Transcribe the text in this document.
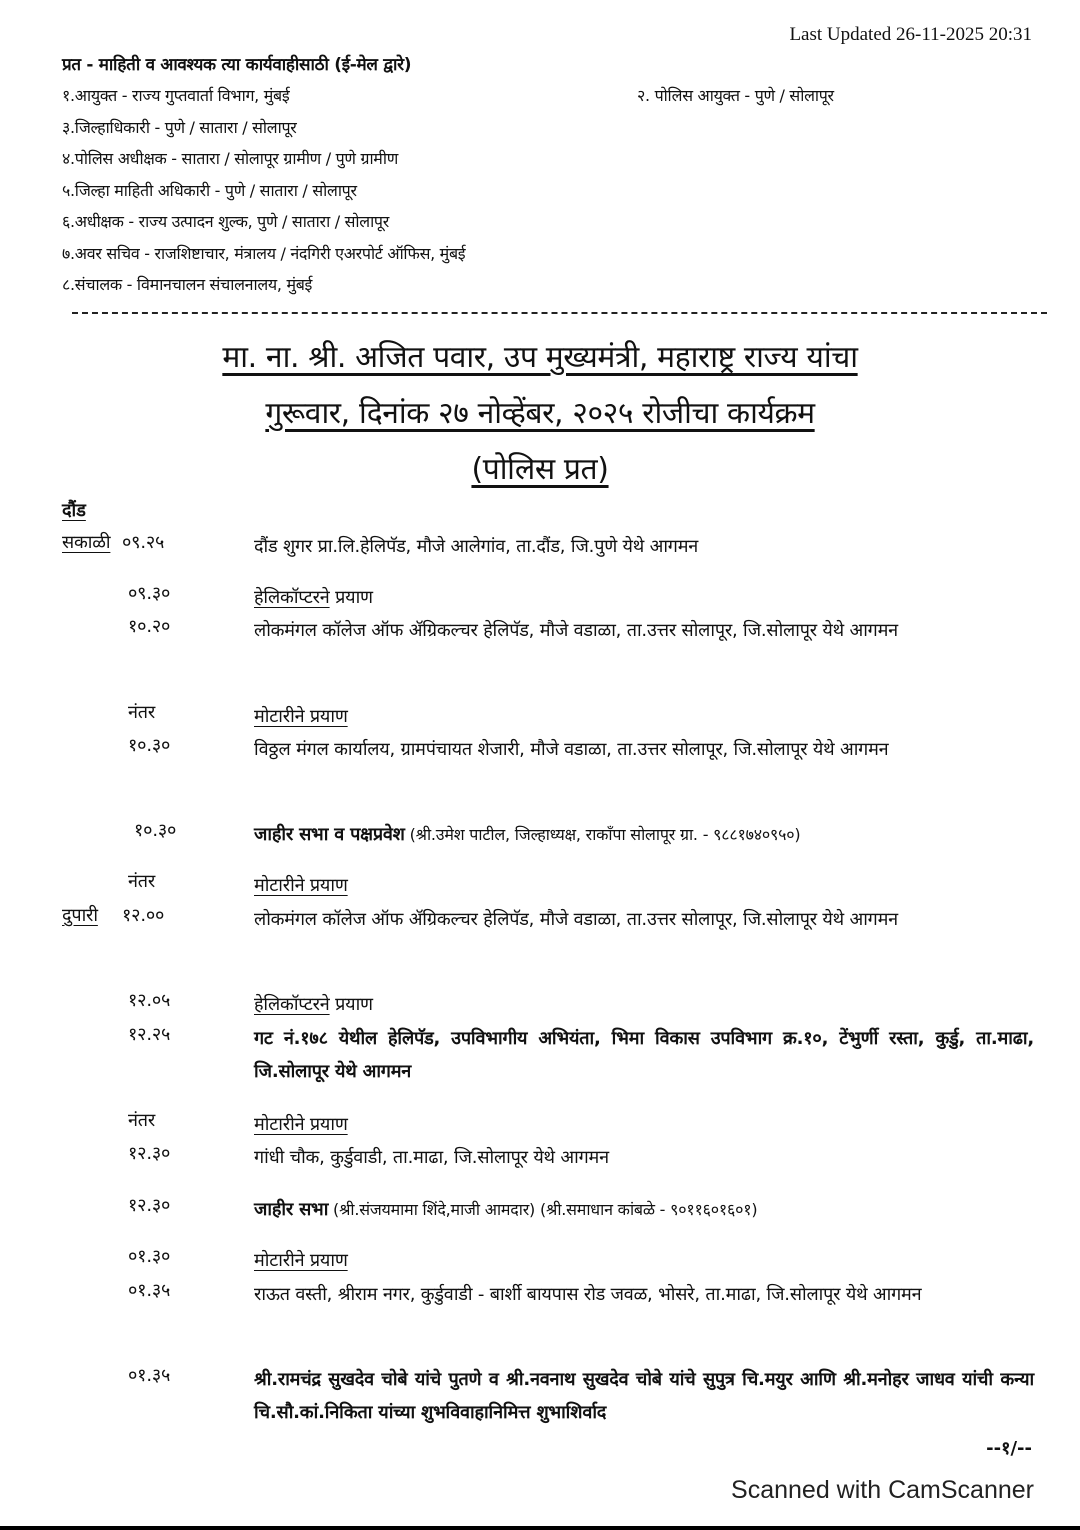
Last Updated 26-11-2025 20:31
प्रत - माहिती व आवश्यक त्या कार्यवाहीसाठी (ई-मेल द्वारे)
१.आयुक्त - राज्य गुप्तवार्ता विभाग, मुंबई	२. पोलिस आयुक्त - पुणे / सोलापूर
३.जिल्हाधिकारी - पुणे / सातारा / सोलापूर
४.पोलिस अधीक्षक - सातारा / सोलापूर ग्रामीण / पुणे ग्रामीण
५.जिल्हा माहिती अधिकारी - पुणे / सातारा / सोलापूर
६.अधीक्षक - राज्य उत्पादन शुल्क, पुणे / सातारा / सोलापूर
७.अवर सचिव - राजशिष्टाचार, मंत्रालय / नंदगिरी एअरपोर्ट ऑफिस, मुंबई
८.संचालक - विमानचालन संचालनालय, मुंबई
मा. ना. श्री. अजित पवार, उप मुख्यमंत्री, महाराष्ट्र राज्य यांचा
गुरूवार, दिनांक २७ नोव्हेंबर, २०२५ रोजीचा कार्यक्रम
(पोलिस प्रत)
दौंड
सकाळी ०९.२५	दौंड शुगर प्रा.लि.हेलिपॅड, मौजे आलेगांव, ता.दौंड, जि.पुणे येथे आगमन
०९.३०	हेलिकॉप्टरने प्रयाण
१०.२०	लोकमंगल कॉलेज ऑफ ॲग्रिकल्चर हेलिपॅड, मौजे वडाळा, ता.उत्तर सोलापूर, जि.सोलापूर येथे आगमन
नंतर	मोटारीने प्रयाण
१०.३०	विठ्ठल मंगल कार्यालय, ग्रामपंचायत शेजारी, मौजे वडाळा, ता.उत्तर सोलापूर, जि.सोलापूर येथे आगमन
१०.३०	जाहीर सभा व पक्षप्रवेश (श्री.उमेश पाटील, जिल्हाध्यक्ष, राकॉंपा सोलापूर ग्रा. - ९८८१७४०९५०)
नंतर	मोटारीने प्रयाण
दुपारी १२.००	लोकमंगल कॉलेज ऑफ ॲग्रिकल्चर हेलिपॅड, मौजे वडाळा, ता.उत्तर सोलापूर, जि.सोलापूर येथे आगमन
१२.०५	हेलिकॉप्टरने प्रयाण
१२.२५	गट नं.१७८ येथील हेलिपॅड, उपविभागीय अभियंता, भिमा विकास उपविभाग क्र.१०, टेंभुर्णी रस्ता, कुर्डु, ता.माढा, जि.सोलापूर येथे आगमन
नंतर	मोटारीने प्रयाण
१२.३०	गांधी चौक, कुर्डुवाडी, ता.माढा, जि.सोलापूर येथे आगमन
१२.३०	जाहीर सभा (श्री.संजयमामा शिंदे,माजी आमदार) (श्री.समाधान कांबळे - ९०११६०१६०१)
०१.३०	मोटारीने प्रयाण
०१.३५	राऊत वस्ती, श्रीराम नगर, कुर्डुवाडी - बार्शी बायपास रोड जवळ, भोसरे, ता.माढा, जि.सोलापूर येथे आगमन
०१.३५	श्री.रामचंद्र सुखदेव चोबे यांचे पुतणे व श्री.नवनाथ सुखदेव चोबे यांचे सुपुत्र चि.मयुर आणि श्री.मनोहर जाधव यांची कन्या चि.सौ.कां.निकिता यांच्या शुभविवाहानिमित्त शुभाशिर्वाद
--१/--
Scanned with CamScanner
